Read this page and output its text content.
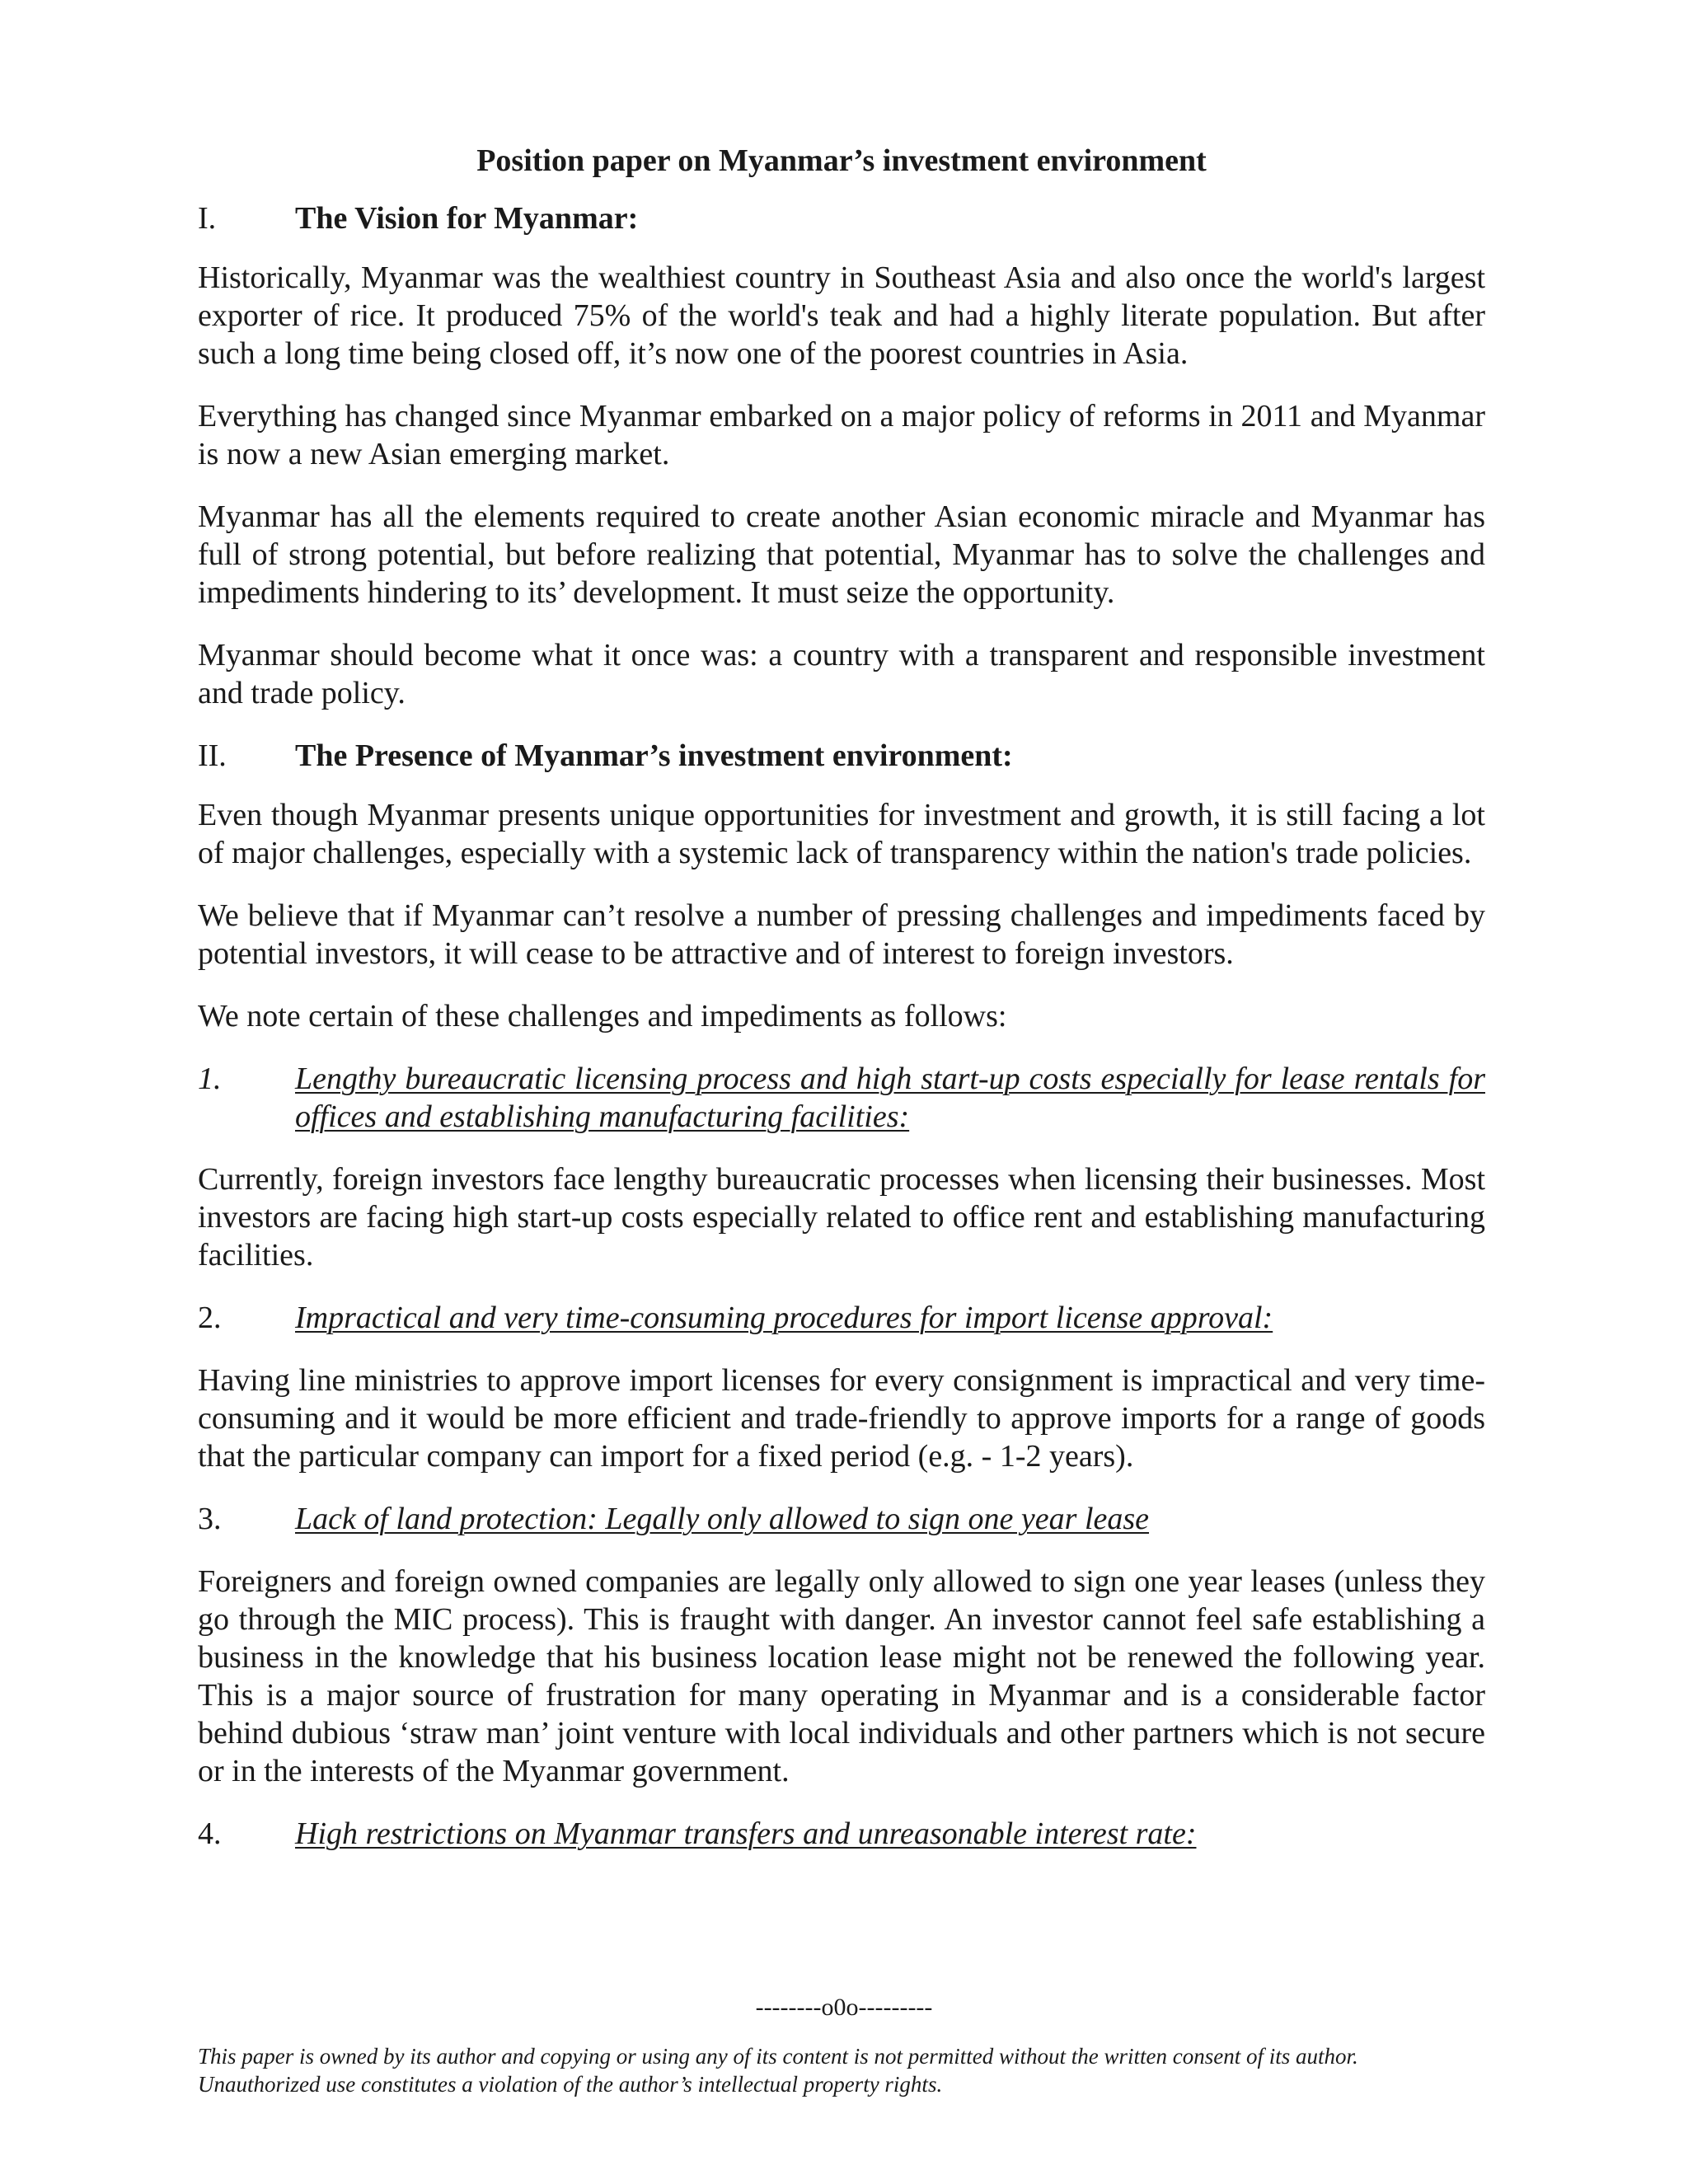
Position paper on Myanmar’s investment environment
I.	The Vision for Myanmar:

Historically, Myanmar was the wealthiest country in Southeast Asia and also once the world's largest exporter of rice. It produced 75% of the world's teak and had a highly literate population. But after such a long time being closed off, it’s now one of the poorest countries in Asia.

Everything has changed since Myanmar embarked on a major policy of reforms in 2011 and Myanmar is now a new Asian emerging market.

Myanmar has all the elements required to create another Asian economic miracle and Myanmar has full of strong potential, but before realizing that potential, Myanmar has to solve the challenges and impediments hindering to its’ development. It must seize the opportunity.

Myanmar should become what it once was: a country with a transparent and responsible investment and trade policy.

II.	The Presence of Myanmar’s investment environment:

Even though Myanmar presents unique opportunities for investment and growth, it is still facing a lot of major challenges, especially with a systemic lack of transparency within the nation's trade policies.

We believe that if Myanmar can’t resolve a number of pressing challenges and impediments faced by potential investors, it will cease to be attractive and of interest to foreign investors.

We note certain of these challenges and impediments as follows:

1.	Lengthy bureaucratic licensing process and high start-up costs especially for lease rentals for offices and establishing manufacturing facilities:

Currently, foreign investors face lengthy bureaucratic processes when licensing their businesses. Most investors are facing high start-up costs especially related to office rent and establishing manufacturing facilities.

2.	Impractical and very time-consuming procedures for import license approval:

Having line ministries to approve import licenses for every consignment is impractical and very time-consuming and it would be more efficient and trade-friendly to approve imports for a range of goods that the particular company can import for a fixed period (e.g. - 1-2 years).

3.	Lack of land protection: Legally only allowed to sign one year lease

Foreigners and foreign owned companies are legally only allowed to sign one year leases (unless they go through the MIC process). This is fraught with danger. An investor cannot feel safe establishing a business in the knowledge that his business location lease might not be renewed the following year. This is a major source of frustration for many operating in Myanmar and is a considerable factor behind dubious ‘straw man’ joint venture with local individuals and other partners which is not secure or in the interests of the Myanmar government.

4.	High restrictions on Myanmar transfers and unreasonable interest rate:
--------o0o---------
This paper is owned by its author and copying or using any of its content is not permitted without the written consent of its author. Unauthorized use constitutes a violation of the author’s intellectual property rights.
